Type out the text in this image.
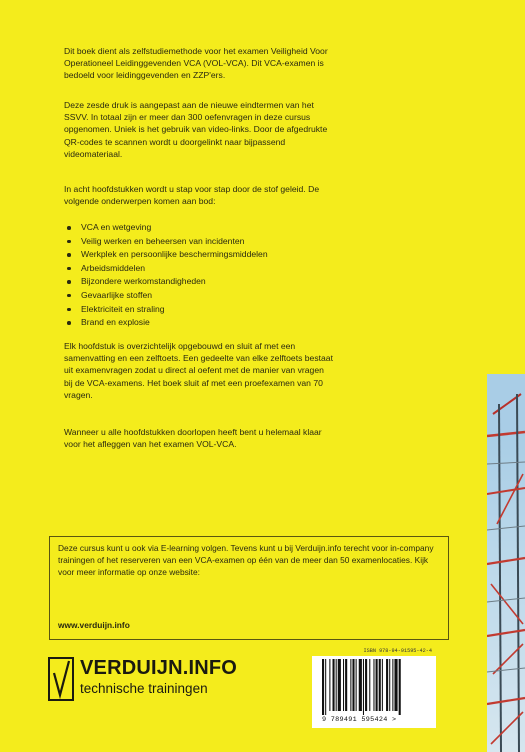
Dit boek dient als zelfstudiemethode voor het examen Veiligheid Voor Operationeel Leidinggevenden VCA (VOL-VCA). Dit VCA-examen is bedoeld voor leidinggevenden en ZZP'ers.

Deze zesde druk is aangepast aan de nieuwe eindtermen van het SSVV. In totaal zijn er meer dan 300 oefenvragen in deze cursus opgenomen. Uniek is het gebruik van video-links. Door de afgedrukte QR-codes te scannen wordt u doorgelinkt naar bijpassend videomateriaal.

In acht hoofdstukken wordt u stap voor stap door de stof geleid. De volgende onderwerpen komen aan bod:

VCA en wetgeving
Veilig werken en beheersen van incidenten
Werkplek en persoonlijke beschermingsmiddelen
Arbeidsmiddelen
Bijzondere werkomstandigheden
Gevaarlijke stoffen
Elektriciteit en straling
Brand en explosie

Elk hoofdstuk is overzichtelijk opgebouwd en sluit af met een samenvatting en een zelftoets. Een gedeelte van elke zelftoets bestaat uit examenvragen zodat u direct al oefent met de manier van vragen bij de VCA-examens. Het boek sluit af met een proefexamen van 70 vragen.

Wanneer u alle hoofdstukken doorlopen heeft bent u helemaal klaar voor het afleggen van het examen VOL-VCA.

Deze cursus kunt u ook via E-learning volgen. Tevens kunt u bij Verduijn.info terecht voor in-company trainingen of het reserveren van een VCA-examen op één van de meer dan 50 examenlocaties. Kijk voor meer informatie op onze website:
www.verduijn.info
VERDUIJN.INFO
technische trainingen
ISBN 978-94-91595-42-4
9 789491 595424 >
